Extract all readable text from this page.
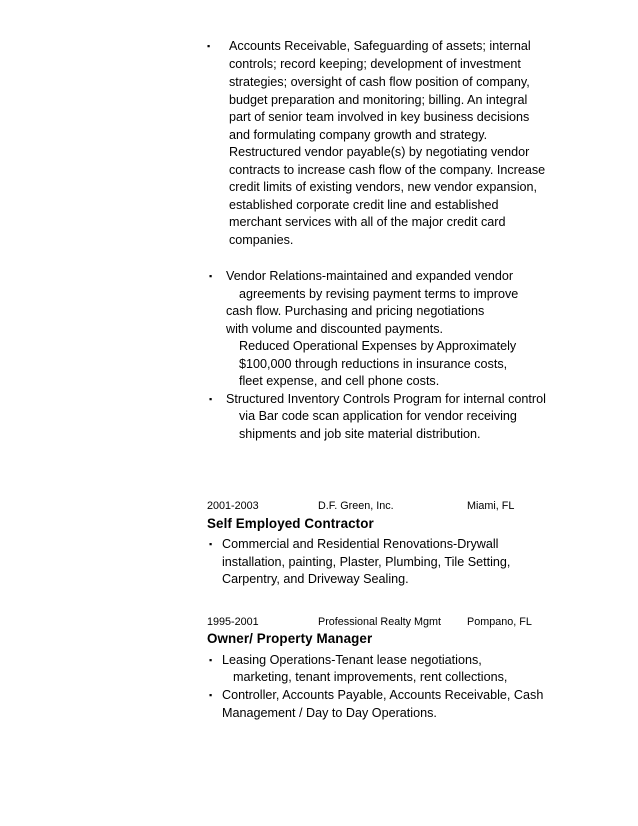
▪ Accounts Receivable, Safeguarding of assets; internal
controls; record keeping; development of investment
strategies; oversight of cash flow position of company,
budget preparation and monitoring; billing. An integral
part of senior team involved in key business decisions
and formulating company growth and strategy.
Restructured vendor payable(s) by negotiating vendor
contracts to increase cash flow of the company. Increase
credit limits of existing vendors, new vendor expansion,
established corporate credit line and established
merchant services with all of the major credit card
companies.
▪ Vendor Relations-maintained and expanded vendor
agreements by revising payment terms to improve
cash flow. Purchasing and pricing negotiations
with volume and discounted payments.
Reduced Operational Expenses by Approximately
$100,000 through reductions in insurance costs,
fleet expense, and cell phone costs.
▪ Structured Inventory Controls Program for internal control
via Bar code scan application for vendor receiving
shipments and job site material distribution.
2001-2003	D.F. Green, Inc.	Miami, FL
Self Employed Contractor
▪ Commercial and Residential Renovations-Drywall
installation, painting, Plaster, Plumbing, Tile Setting,
Carpentry, and Driveway Sealing.
1995-2001	Professional Realty Mgmt Pompano, FL
Owner/ Property Manager
▪ Leasing Operations-Tenant lease negotiations,
marketing, tenant improvements, rent collections,
▪ Controller, Accounts Payable, Accounts Receivable, Cash
Management / Day to Day Operations.
